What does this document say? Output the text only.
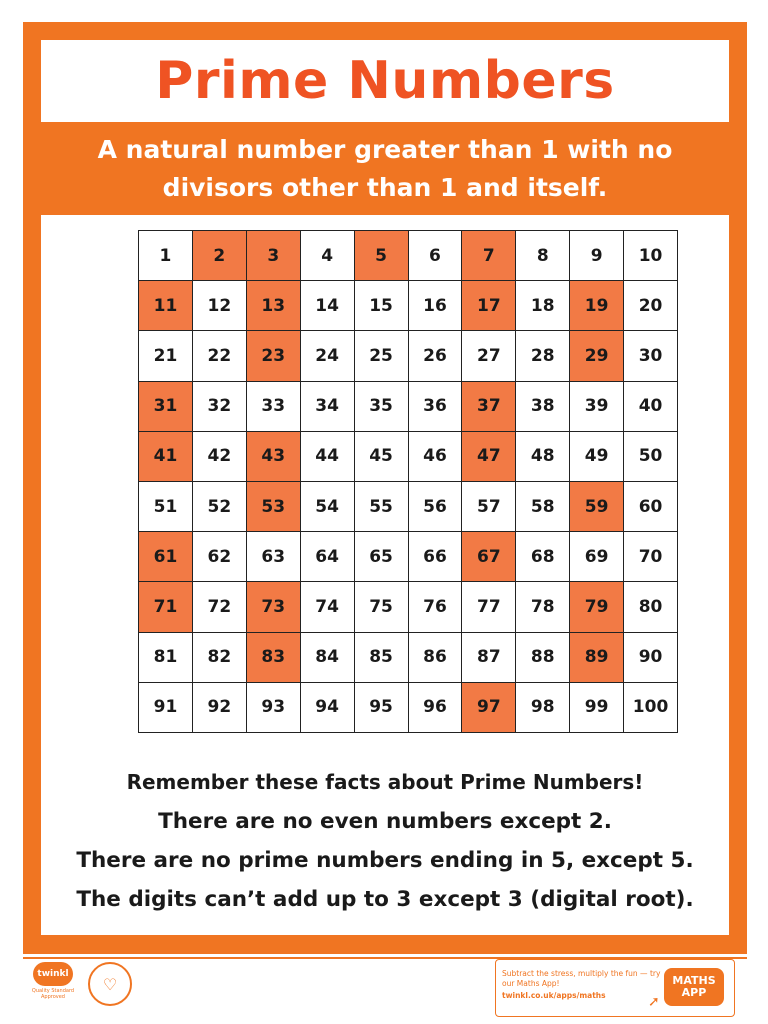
Prime Numbers
A natural number greater than 1 with no divisors other than 1 and itself.
1	2	3	4	5	6	7	8	9	10
11	12	13	14	15	16	17	18	19	20
21	22	23	24	25	26	27	28	29	30
31	32	33	34	35	36	37	38	39	40
41	42	43	44	45	46	47	48	49	50
51	52	53	54	55	56	57	58	59	60
61	62	63	64	65	66	67	68	69	70
71	72	73	74	75	76	77	78	79	80
81	82	83	84	85	86	87	88	89	90
91	92	93	94	95	96	97	98	99	100
Remember these facts about Prime Numbers!
There are no even numbers except 2.
There are no prime numbers ending in 5, except 5.
The digits can’t add up to 3 except 3 (digital root).
twinkl
Quality Standard Approved
♡
Subtract the stress, multiply the fun — try our Maths App!
twinkl.co.uk/apps/maths	➚
MATHS
APP
